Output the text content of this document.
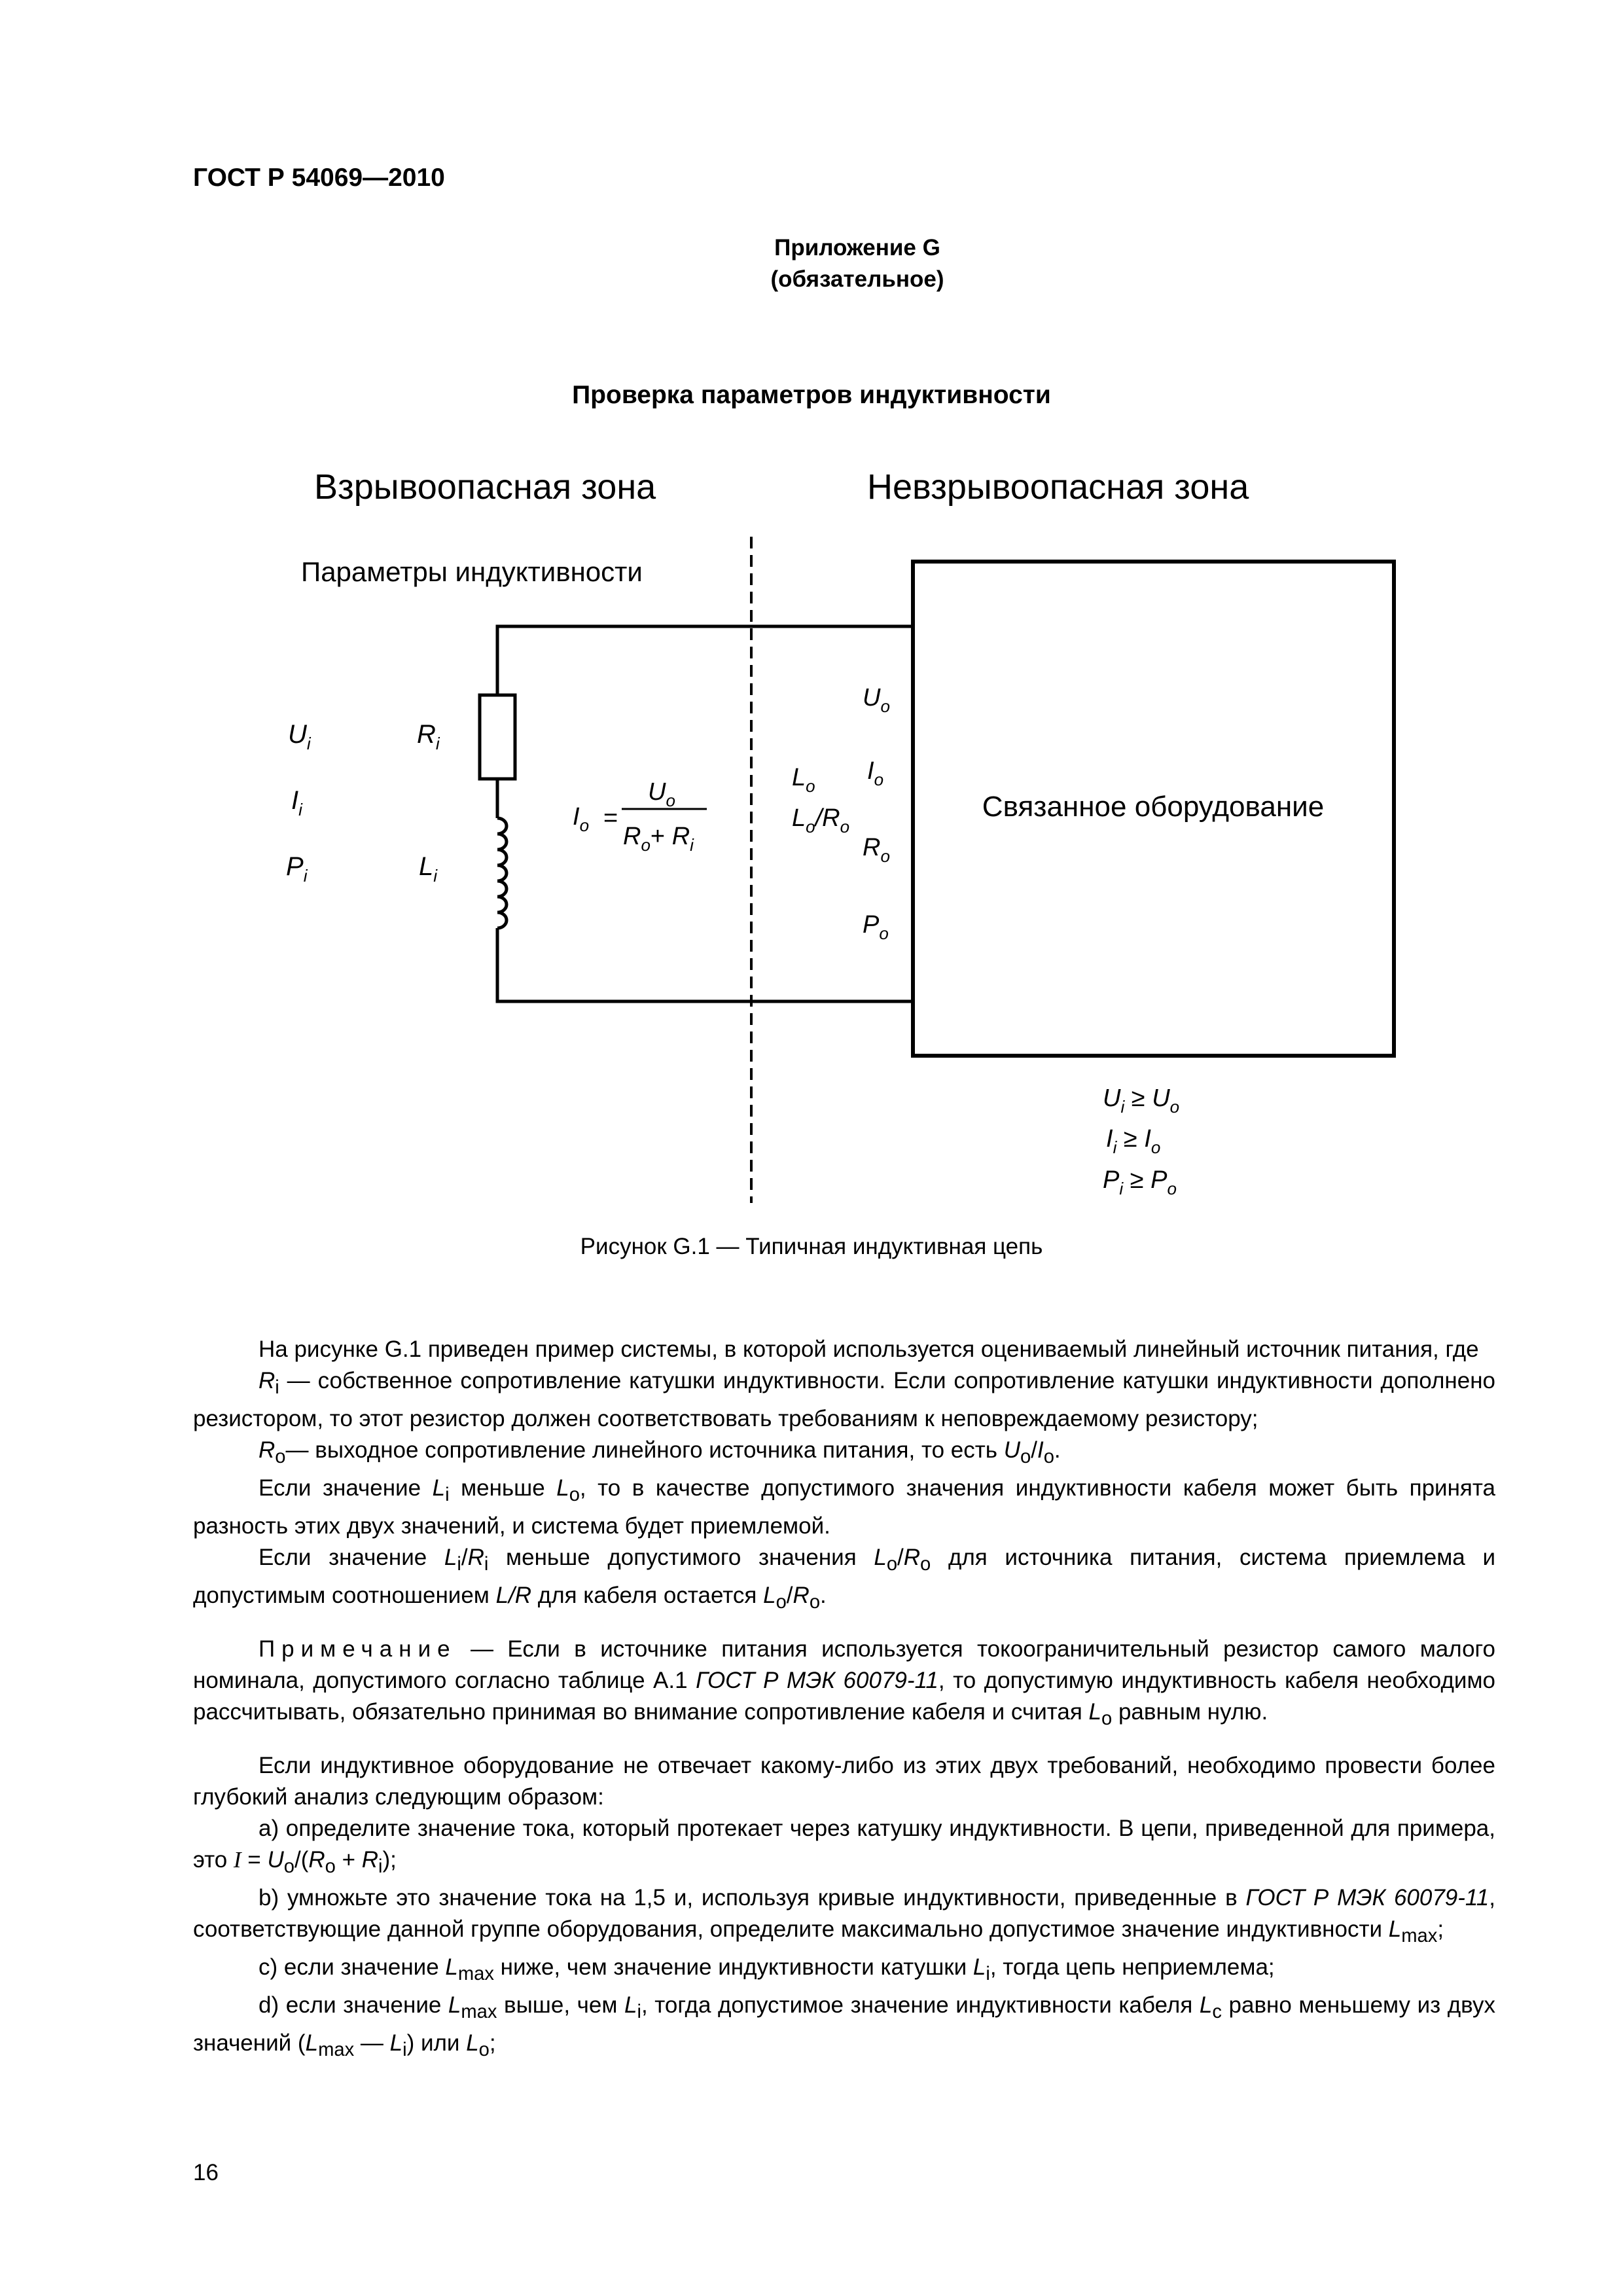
ГОСТ Р 54069—2010
Приложение G
(обязательное)
Проверка параметров индуктивности
Взрывоопасная зона	Невзрывоопасная зона
Параметры индуктивности
Связанное оборудование
$U_i$
$I_i$
$P_i$
$R_i$
$L_i$
$I_o$ =
$U_o$
$R_o+ R_i$
$L_o$
$L_o/R_o$
$U_o$
$I_o$
$R_o$
$P_o$
$U_i \ge U_o$
$I_i \ge I_o$
$P_i \ge P_o$
Рисунок G.1 — Типичная индуктивная цепь

На рисунке G.1 приведен пример системы, в которой используется оцениваемый линейный источник питания, где

$R_i$ — собственное сопротивление катушки индуктивности. Если сопротивление катушки индуктивности дополнено резистором, то этот резистор должен соответствовать требованиям к неповреждаемому резистору;

$R_o—$ выходное сопротивление линейного источника питания, то есть $U_o/I_o$.

Если значение $L_i$ меньше $L_o$, то в качестве допустимого значения индуктивности кабеля может быть принята разность этих двух значений, и система будет приемлемой.

Если значение $L_i/R_i$ меньше допустимого значения $L_o/R_o$ для источника питания, система приемлема и допустимым соотношением L/R для кабеля остается $L_o/R_o$.

Примечание — Если в источнике питания используется токоограничительный резистор самого малого номинала, допустимого согласно таблице А.1 ГОСТ Р МЭК 60079-11, то допустимую индуктивность кабеля необходимо рассчитывать, обязательно принимая во внимание сопротивление кабеля и считая $L_o$ равным нулю.

Если индуктивное оборудование не отвечает какому-либо из этих двух требований, необходимо провести более глубокий анализ следующим образом:

а) определите значение тока, который протекает через катушку индуктивности. В цепи, приведенной для примера, это $I = U_o/(R_o + R_i)$;

b) умножьте это значение тока на 1,5 и, используя кривые индуктивности, приведенные в ГОСТ Р МЭК 60079-11, соответствующие данной группе оборудования, определите максимально допустимое значение индуктивности $L_{max}$;

c) если значение $L_{max}$ ниже, чем значение индуктивности катушки $L_i$, тогда цепь неприемлема;

d) если значение $L_{max}$ выше, чем $L_i$, тогда допустимое значение индуктивности кабеля $L_c$ равно меньшему из двух значений ($L_{max}$ — $L_i$) или $L_o$;

16
